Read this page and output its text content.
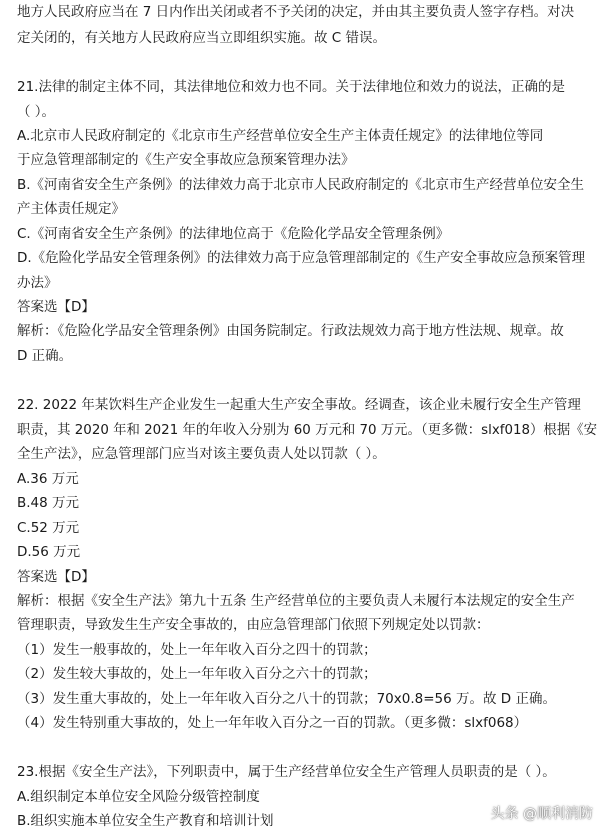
地方人民政府应当在 7 日内作出关闭或者不予关闭的决定，并由其主要负责人签字存档。对决
定关闭的，有关地方人民政府应当立即组织实施。故 C 错误。
21.法律的制定主体不同，其法律地位和效力也不同。关于法律地位和效力的说法，正确的是
（ ）。
A.北京市人民政府制定的《北京市生产经营单位安全生产主体责任规定》的法律地位等同
于应急管理部制定的《生产安全事故应急预案管理办法》
B.《河南省安全生产条例》的法律效力高于北京市人民政府制定的《北京市生产经营单位安全生
产主体责任规定》
C.《河南省安全生产条例》的法律地位高于《危险化学品安全管理条例》
D.《危险化学品安全管理条例》的法律效力高于应急管理部制定的《生产安全事故应急预案管理
办法》
答案选【D】
解析：《危险化学品安全管理条例》由国务院制定。行政法规效力高于地方性法规、规章。故
D 正确。
22. 2022 年某饮料生产企业发生一起重大生产安全事故。经调查，该企业未履行安全生产管理
职责，其 2020 年和 2021 年的年收入分别为 60 万元和 70 万元。（更多微：slxf018）根据《安
全生产法》，应急管理部门应当对该主要负责人处以罚款（ ）。
A.36 万元
B.48 万元
C.52 万元
D.56 万元
答案选【D】
解析：根据《安全生产法》第九十五条 生产经营单位的主要负责人未履行本法规定的安全生产
管理职责，导致发生生产安全事故的，由应急管理部门依照下列规定处以罚款：
（1）发生一般事故的，处上一年年收入百分之四十的罚款；
（2）发生较大事故的，处上一年年收入百分之六十的罚款；
（3）发生重大事故的，处上一年年收入百分之八十的罚款；70x0.8=56 万。故 D 正确。
（4）发生特别重大事故的，处上一年年收入百分之一百的罚款。（更多微：slxf068）
23.根据《安全生产法》，下列职责中，属于生产经营单位安全生产管理人员职责的是（ ）。
A.组织制定本单位安全风险分级管控制度
B.组织实施本单位安全生产教育和培训计划	头条 @顺利消防
